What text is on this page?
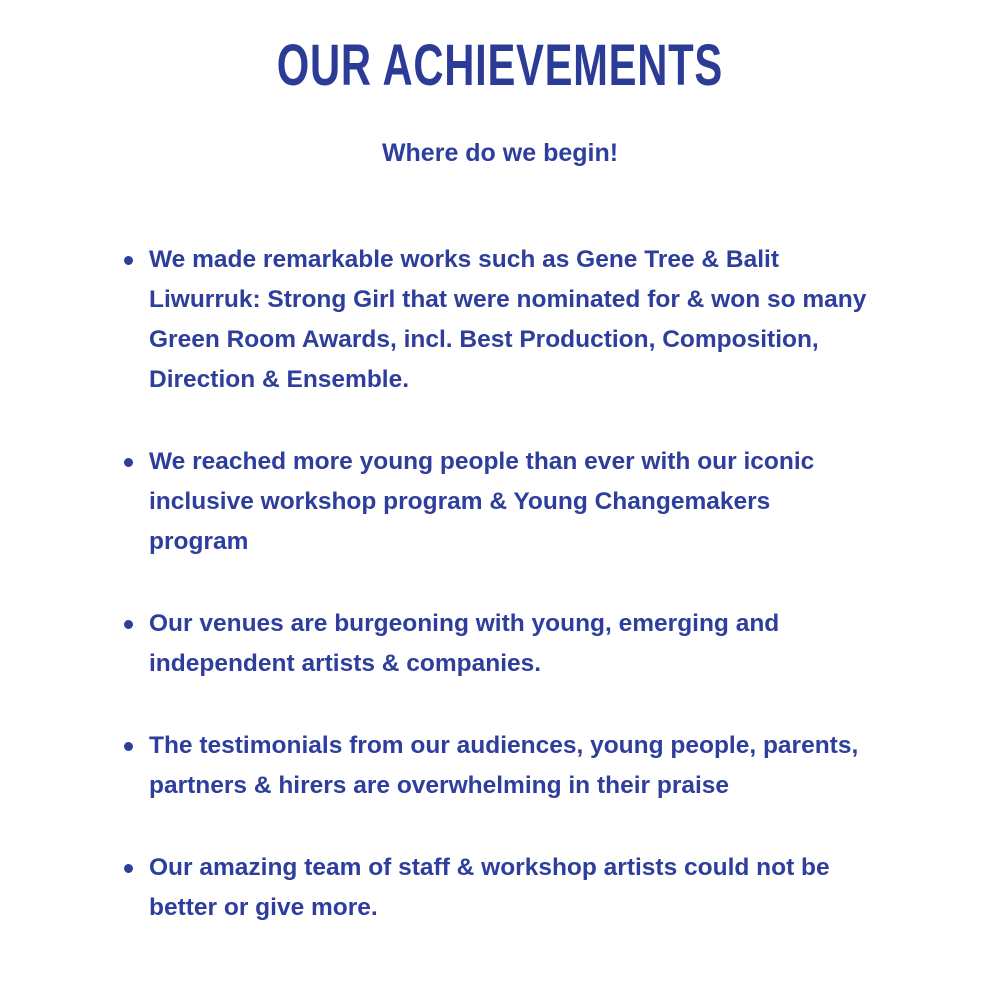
OUR ACHIEVEMENTS
Where do we begin!
We made remarkable works such as Gene Tree & Balit Liwurruk: Strong Girl that were nominated for & won so many Green Room Awards, incl. Best Production, Composition, Direction & Ensemble.
We reached more young people than ever with our iconic inclusive workshop program & Young Changemakers program
Our venues are burgeoning with young, emerging and independent artists & companies.
The testimonials from our audiences, young people, parents, partners & hirers are overwhelming in their praise
Our amazing team of staff & workshop artists could not be better or give more.
